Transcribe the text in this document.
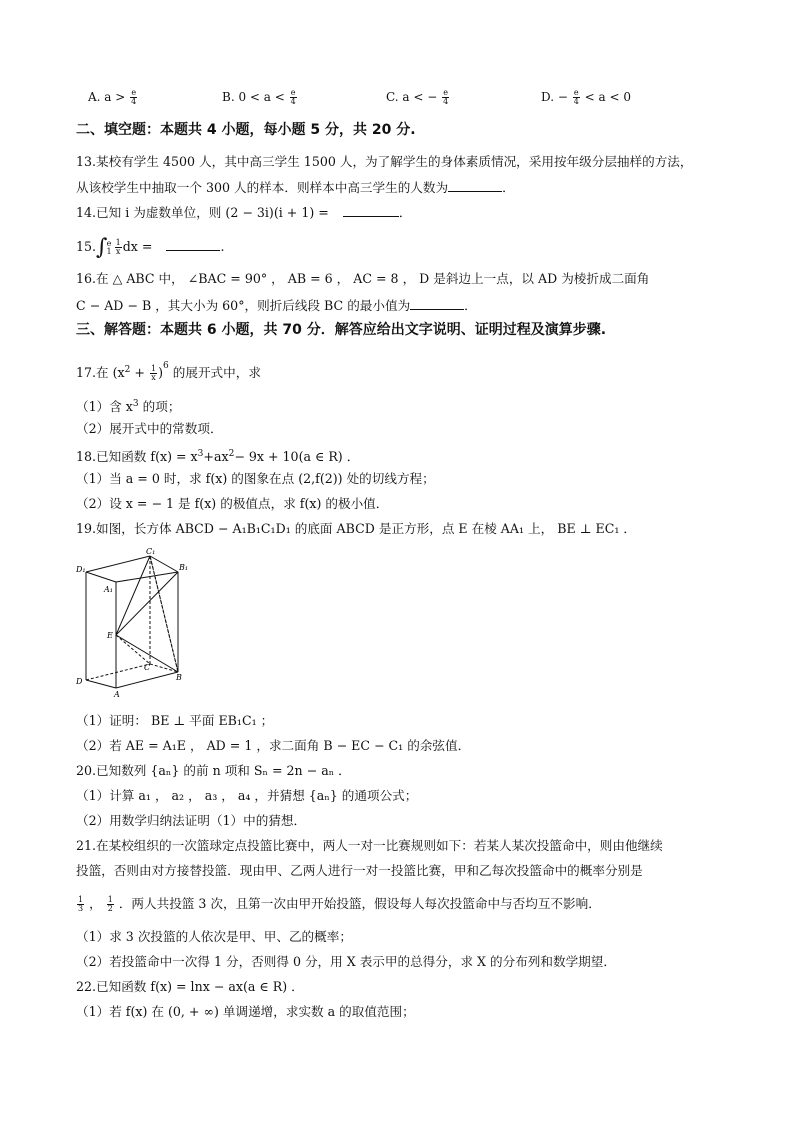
A. $a > \frac{e}{4}$	B. $0 < a < \frac{e}{4}$	C. a < − $\frac{e}{4}$	D. − $\frac{e}{4} < a < 0$
二、填空题：本题共 4 小题，每小题 5 分，共 20 分.
13.某校有学生 4500 人，其中高三学生 1500 人，为了解学生的身体素质情况，采用按年级分层抽样的方法，
从该校学生中抽取一个 300 人的样本．则样本中高三学生的人数为	．
14.已知 i 为虚数单位，则 (2 − 3i)(i + 1) =	．
15.∫ e
$1 \frac{1}{x}$ dx =	.
16.在 △ ABC 中， ∠BAC = 90° ， AB = 6 ， AC = 8 ， D 是斜边上一点，以 AD 为棱折成二面角
C − AD − B ，其大小为 60°，则折后线段 BC 的最小值为	．
三、解答题：本题共 6 小题，共 70 分．解答应给出文字说明、证明过程及演算步骤.
17.在 $(x^2 + \frac{1}{x} )^6$ 的展开式中，求
（1）含 $x^3$ 的项；
（2）展开式中的常数项．
18.已知函数 $f(x) = x^3+ax^2- 9x + 10(a$ ∈ R) ．
（1）当 a = 0 时，求 f(x) 的图象在点 (2,f(2)) 处的切线方程；
（2）设 x = − 1 是 f(x) 的极值点，求 f(x) 的极小值．
19.如图，长方体 ABCD − A₁B₁C₁D₁ 的底面 ABCD 是正方形，点 E 在棱 AA₁ 上， BE ⊥ EC₁ ．
D₁
C₁
B₁
A₁
E
D
C
B
A
（1）证明： BE ⊥ 平面 EB₁C₁ ；
（2）若 AE = A₁E ， AD = 1 ，求二面角 B − EC − C₁ 的余弦值．
20.已知数列 {aₙ} 的前 n 项和 Sₙ = 2n − aₙ ．
（1）计算 a₁ ， a₂ ， a₃ ， a₄ ，并猜想 {aₙ} 的通项公式；
（2）用数学归纳法证明（1）中的猜想．
21.在某校组织的一次篮球定点投篮比赛中，两人一对一比赛规则如下：若某人某次投篮命中，则由他继续
投篮，否则由对方接替投篮．现由甲、乙两人进行一对一投篮比赛，甲和乙每次投篮命中的概率分别是
$\frac{1}{3}$ ， $\frac{1}{2}$ ．两人共投篮 3 次，且第一次由甲开始投篮，假设每人每次投篮命中与否均互不影响．
（1）求 3 次投篮的人依次是甲、甲、乙的概率；
（2）若投篮命中一次得 1 分，否则得 0 分，用 X 表示甲的总得分，求 X 的分布列和数学期望．
22.已知函数 f(x) = lnx − ax(a ∈ R) ．
（1）若 f(x) 在 (0, + ∞) 单调递增，求实数 a 的取值范围；
